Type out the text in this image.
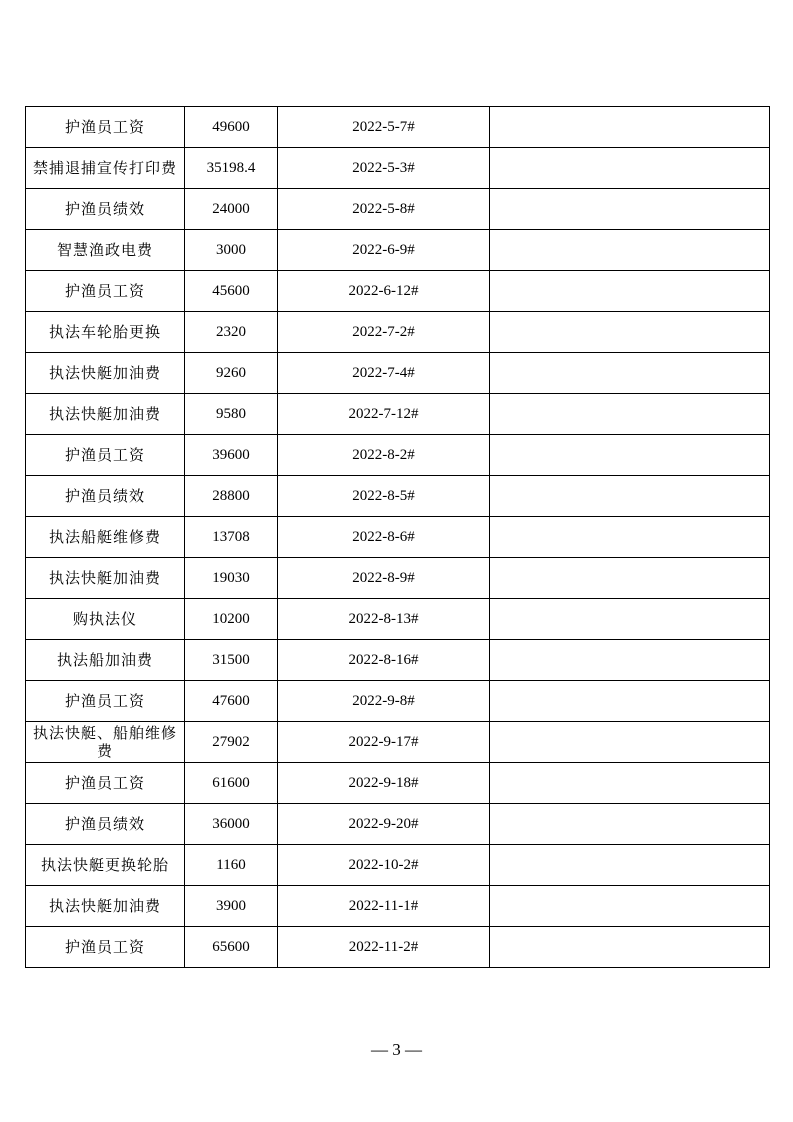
护渔员工资	49600	2022-5-7#	
禁捕退捕宣传打印费	35198.4	2022-5-3#	
护渔员绩效	24000	2022-5-8#	
智慧渔政电费	3000	2022-6-9#	
护渔员工资	45600	2022-6-12#	
执法车轮胎更换	2320	2022-7-2#	
执法快艇加油费	9260	2022-7-4#	
执法快艇加油费	9580	2022-7-12#	
护渔员工资	39600	2022-8-2#	
护渔员绩效	28800	2022-8-5#	
执法船艇维修费	13708	2022-8-6#	
执法快艇加油费	19030	2022-8-9#	
购执法仪	10200	2022-8-13#	
执法船加油费	31500	2022-8-16#	
护渔员工资	47600	2022-9-8#	
执法快艇、船舶维修费	27902	2022-9-17#	
护渔员工资	61600	2022-9-18#	
护渔员绩效	36000	2022-9-20#	
执法快艇更换轮胎	1160	2022-10-2#	
执法快艇加油费	3900	2022-11-1#	
护渔员工资	65600	2022-11-2#	
— 3 —
